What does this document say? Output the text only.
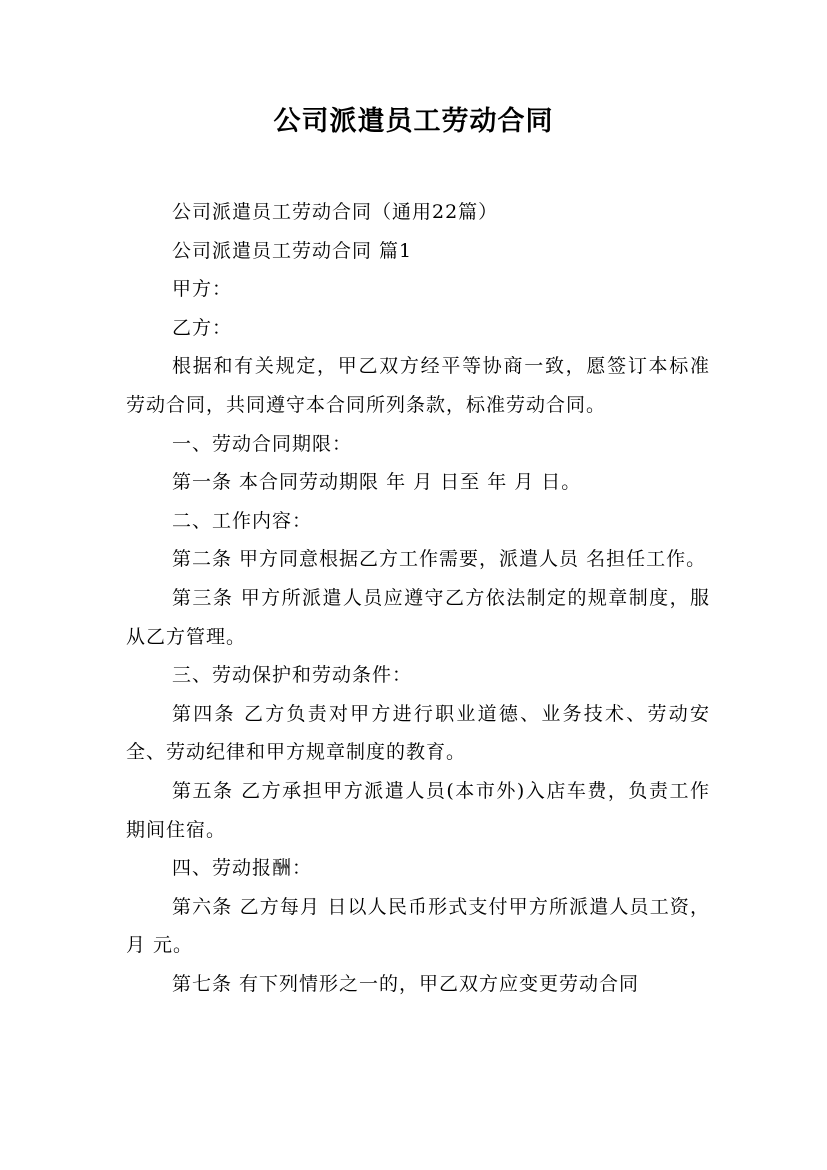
公司派遣员工劳动合同

公司派遣员工劳动合同（通用22篇）

公司派遣员工劳动合同 篇1

甲方：

乙方：

根据和有关规定，甲乙双方经平等协商一致，愿签订本标准劳动合同，共同遵守本合同所列条款，标准劳动合同。

一、劳动合同期限：

第一条 本合同劳动期限 年 月 日至 年 月 日。

二、工作内容：

第二条 甲方同意根据乙方工作需要，派遣人员 名担任工作。

第三条 甲方所派遣人员应遵守乙方依法制定的规章制度，服从乙方管理。

三、劳动保护和劳动条件：

第四条 乙方负责对甲方进行职业道德、业务技术、劳动安全、劳动纪律和甲方规章制度的教育。

第五条 乙方承担甲方派遣人员(本市外)入店车费，负责工作期间住宿。

四、劳动报酬：

第六条 乙方每月 日以人民币形式支付甲方所派遣人员工资，月 元。

第七条 有下列情形之一的，甲乙双方应变更劳动合同
